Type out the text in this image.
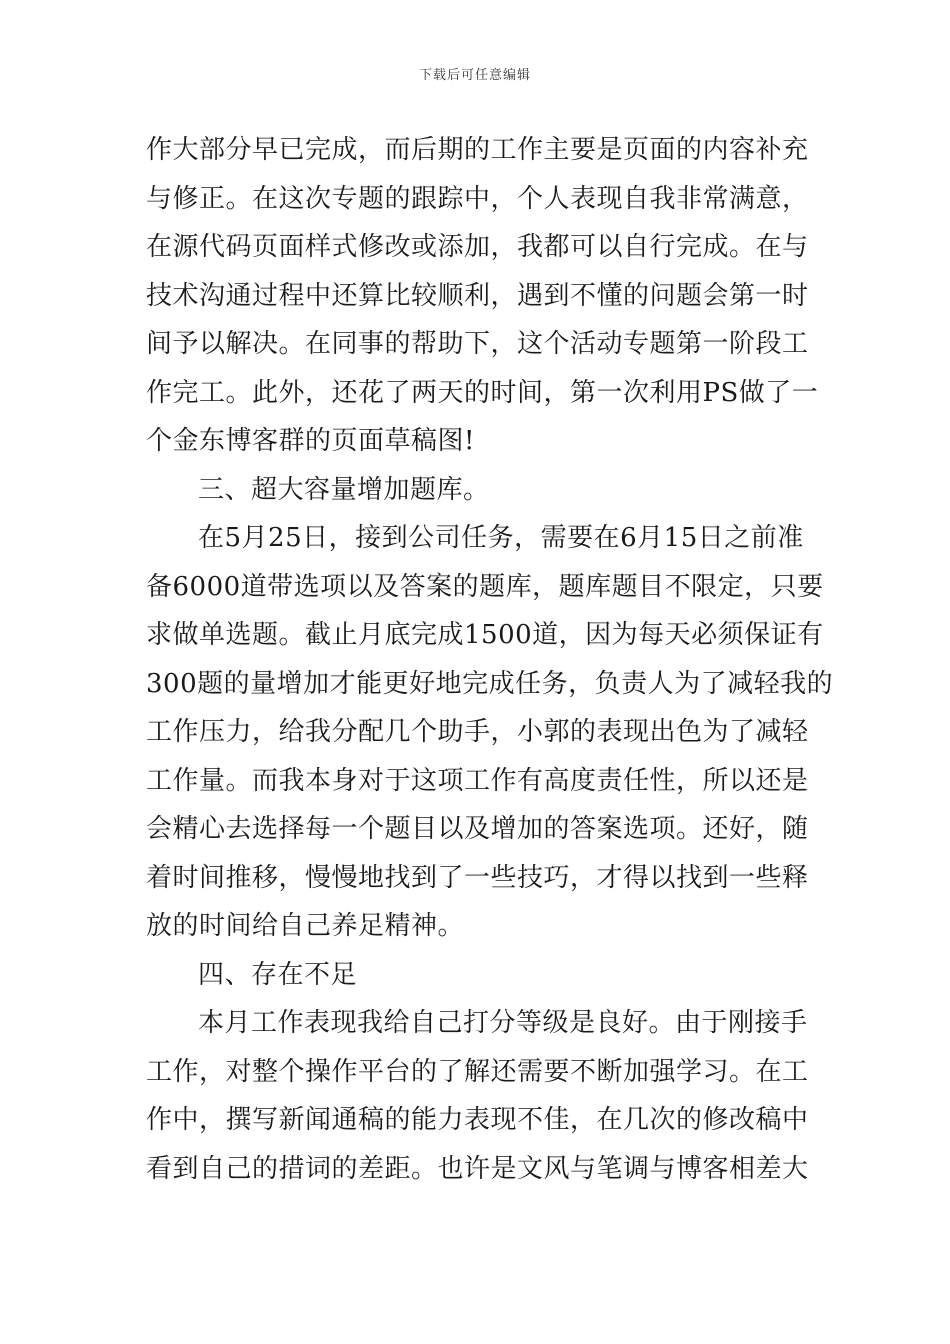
下载后可任意编辑
作大部分早已完成，而后期的工作主要是页面的内容补充
与修正。在这次专题的跟踪中，个人表现自我非常满意，
在源代码页面样式修改或添加，我都可以自行完成。在与
技术沟通过程中还算比较顺利，遇到不懂的问题会第一时
间予以解决。在同事的帮助下，这个活动专题第一阶段工
作完工。此外，还花了两天的时间，第一次利用PS做了一
个金东博客群的页面草稿图!
三、超大容量增加题库。
在5月25日，接到公司任务，需要在6月15日之前准
备6000道带选项以及答案的题库，题库题目不限定，只要
求做单选题。截止月底完成1500道，因为每天必须保证有
300题的量增加才能更好地完成任务，负责人为了减轻我的
工作压力，给我分配几个助手，小郭的表现出色为了减轻
工作量。而我本身对于这项工作有高度责任性，所以还是
会精心去选择每一个题目以及增加的答案选项。还好，随
着时间推移，慢慢地找到了一些技巧，才得以找到一些释
放的时间给自己养足精神。
四、存在不足
本月工作表现我给自己打分等级是良好。由于刚接手
工作，对整个操作平台的了解还需要不断加强学习。在工
作中，撰写新闻通稿的能力表现不佳，在几次的修改稿中
看到自己的措词的差距。也许是文风与笔调与博客相差大
